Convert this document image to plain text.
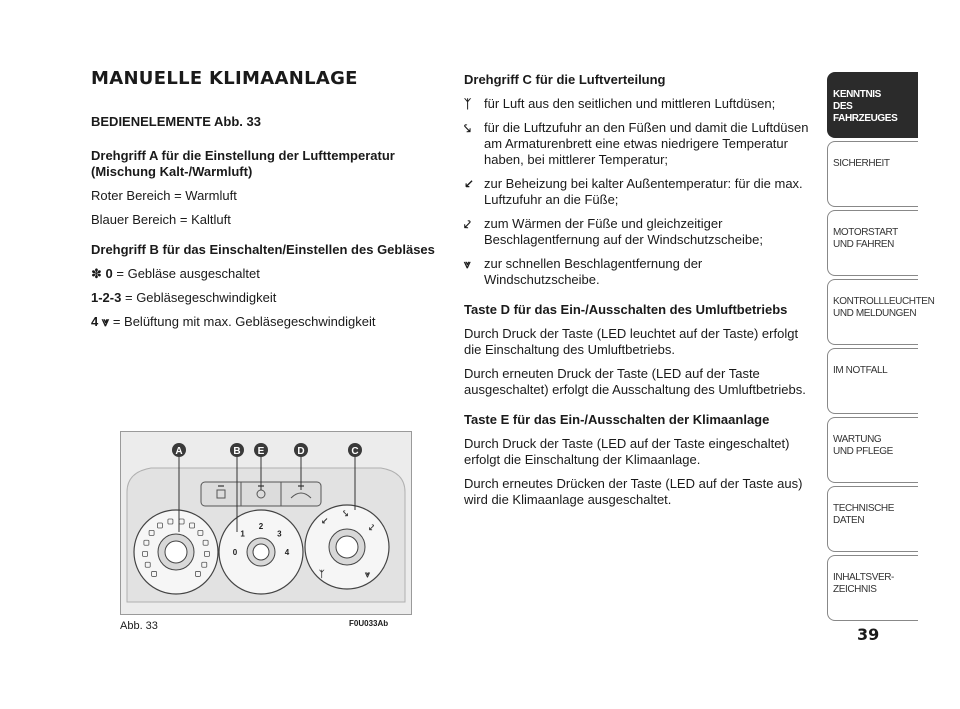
MANUELLE KLIMAANLAGE

BEDIENELEMENTE Abb. 33

Drehgriff A für die Einstellung der Lufttemperatur (Mischung Kalt-/Warmluft)

Roter Bereich = Warmluft

Blauer Bereich = Kaltluft

Drehgriff B für das Einschalten/Einstellen des Gebläses

✽ 0 = Gebläse ausgeschaltet

1-2-3 = Gebläsegeschwindigkeit

4 ⩔ = Belüftung mit max. Gebläsegeschwindigkeit

Drehgriff C für die Luftverteilung

ᛉ für Luft aus den seitlichen und mittleren Luftdüsen;
⤥	für die Luftzufuhr an den Füßen und damit die Luftdüsen am Armaturenbrett eine etwas niedrigere Temperatur haben, bei mittlerer Temperatur;
↙ zur Beheizung bei kalter Außentemperatur: für die max. Luftzufuhr an die Füße;
⤦	zum Wärmen der Füße und gleichzeitiger Beschlagentfernung auf der Windschutzscheibe;
⩔	zur schnellen Beschlagentfernung der Windschutzscheibe.

Taste D für das Ein-/Ausschalten des Umluftbetriebs

Durch Druck der Taste (LED leuchtet auf der Taste) erfolgt die Einschaltung des Umluftbetriebs.

Durch erneuten Druck der Taste (LED auf der Taste ausgeschaltet) erfolgt die Ausschaltung des Umluftbetriebs.

Taste E für das Ein-/Ausschalten der Klimaanlage

Durch Druck der Taste (LED auf der Taste eingeschaltet) erfolgt die Einschaltung der Klimaanlage.

Durch erneutes Drücken der Taste (LED auf der Taste aus) wird die Klimaanlage ausgeschaltet.

0
1
2
3
4
↙
⤥
⤦
ᛉ	⩔
A	B E	D	C
Abb. 33	F0U033Ab
KENNTNIS
DES FAHRZEUGES
SICHERHEIT
MOTORSTART
UND FAHREN
KONTROLLLEUCHTEN
UND MELDUNGEN
IM NOTFALL
WARTUNG
UND PFLEGE
TECHNISCHE
DATEN
INHALTSVER-
ZEICHNIS
39
